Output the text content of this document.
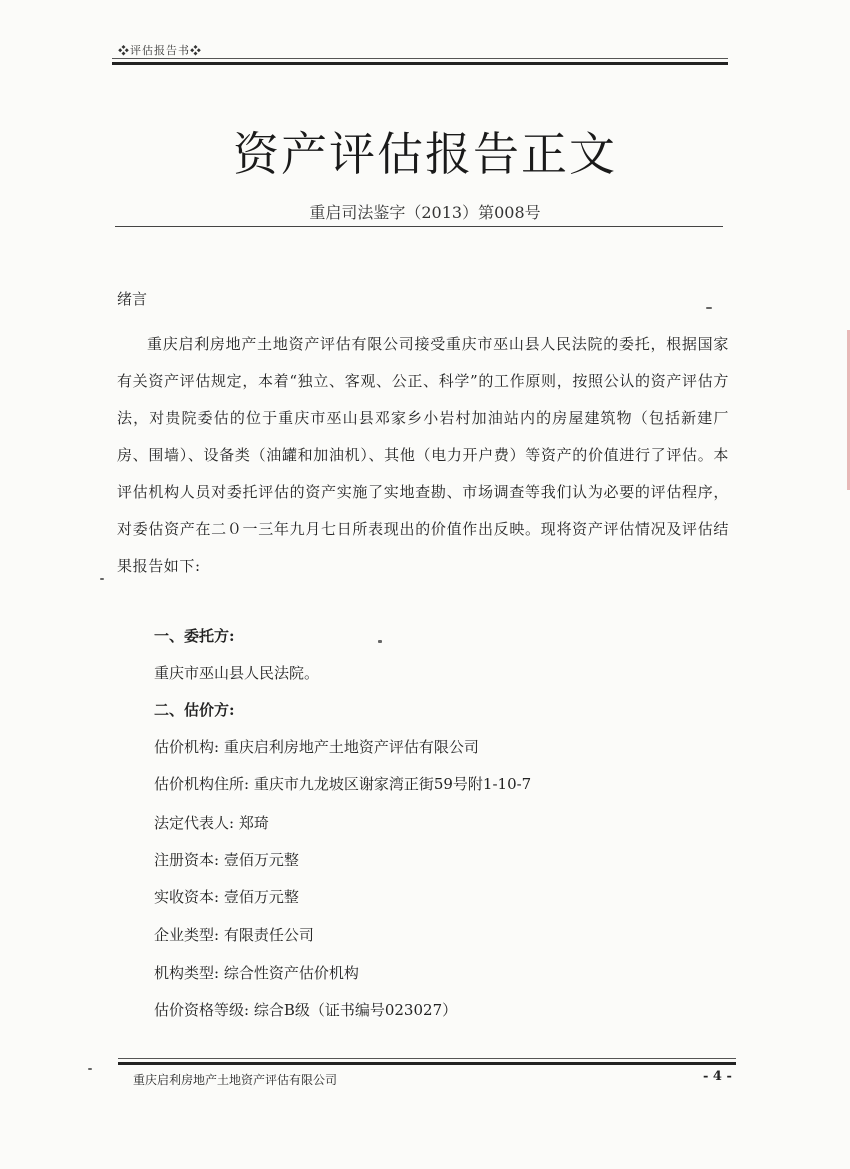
❖评估报告书❖
资产评估报告正文
重启司法鉴字（2013）第008号
绪言
重庆启利房地产土地资产评估有限公司接受重庆市巫山县人民法院的委托，根据国家有关资产评估规定，本着“独立、客观、公正、科学”的工作原则，按照公认的资产评估方法，对贵院委估的位于重庆市巫山县邓家乡小岩村加油站内的房屋建筑物（包括新建厂房、围墙）、设备类（油罐和加油机）、其他（电力开户费）等资产的价值进行了评估。本评估机构人员对委托评估的资产实施了实地查勘、市场调查等我们认为必要的评估程序，对委估资产在二０一三年九月七日所表现出的价值作出反映。现将资产评估情况及评估结果报告如下:
一、委托方:
重庆市巫山县人民法院。
二、估价方:
估价机构: 重庆启利房地产土地资产评估有限公司
估价机构住所: 重庆市九龙坡区谢家湾正街59号附1-10-7
法定代表人: 郑琦
注册资本: 壹佰万元整
实收资本: 壹佰万元整
企业类型: 有限责任公司
机构类型: 综合性资产估价机构
估价资格等级: 综合B级（证书编号023027）
重庆启利房地产土地资产评估有限公司	- 4 -
